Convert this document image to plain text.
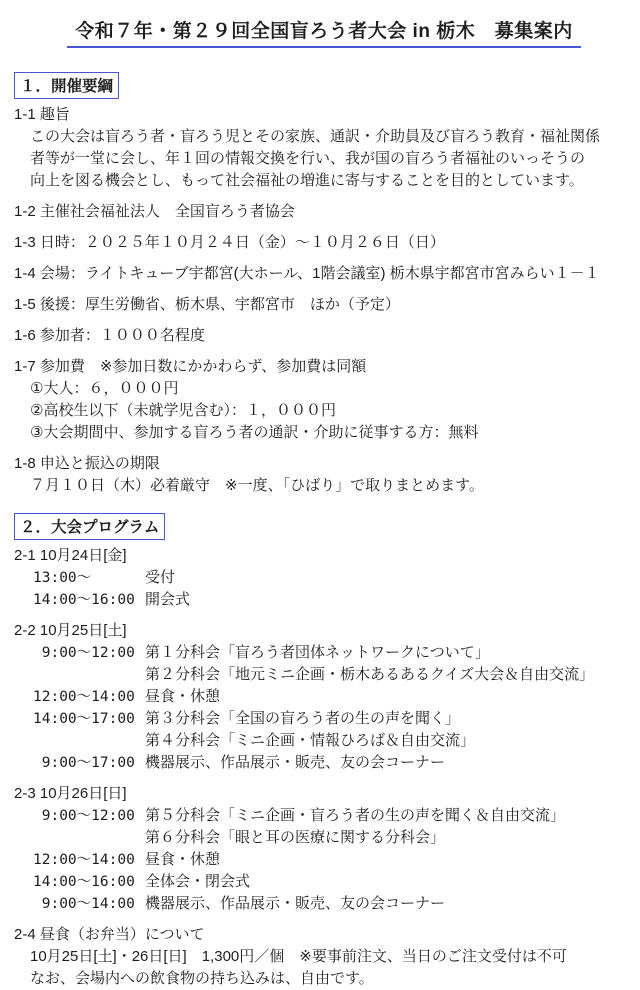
令和７年・第２９回全国盲ろう者大会 in 栃木　募集案内
１．開催要綱
1-1 趣旨
この大会は盲ろう者・盲ろう児とその家族、通訳・介助員及び盲ろう教育・福祉関係
者等が一堂に会し、年１回の情報交換を行い、我が国の盲ろう者福祉のいっそうの
向上を図る機会とし、もって社会福祉の増進に寄与することを目的としています。
1-2 主催社会福祉法人　全国盲ろう者協会
1-3 日時：２０２５年１０月２４日（金）～１０月２６日（日）
1-4 会場：ライトキューブ宇都宮(大ホール、1階会議室) 栃木県宇都宮市宮みらい１－１
1-5 後援：厚生労働省、栃木県、宇都宮市　ほか（予定）
1-6 参加者：１０００名程度
1-7 参加費　※参加日数にかかわらず、参加費は同額
①大人：６，０００円
②高校生以下（未就学児含む）：１，０００円
③大会期間中、参加する盲ろう者の通訳・介助に従事する方：無料
1-8 申込と振込の期限
７月１０日（木）必着厳守　※一度、「ひばり」で取りまとめます。
２．大会プログラム
2-1 10月24日[金]
13:00～	受付
14:00～16:00 開会式
2-2 10月25日[土]
9:00～12:00 第１分科会「盲ろう者団体ネットワークについて」
第２分科会「地元ミニ企画・栃木あるあるクイズ大会＆自由交流」
12:00～14:00 昼食・休憩
14:00～17:00 第３分科会「全国の盲ろう者の生の声を聞く」
第４分科会「ミニ企画・情報ひろば＆自由交流」
9:00～17:00 機器展示、作品展示・販売、友の会コーナー
2-3 10月26日[日]
9:00～12:00 第５分科会「ミニ企画・盲ろう者の生の声を聞く＆自由交流」
第６分科会「眼と耳の医療に関する分科会」
12:00～14:00 昼食・休憩
14:00～16:00 全体会・閉会式
9:00～14:00 機器展示、作品展示・販売、友の会コーナー
2-4 昼食（お弁当）について
10月25日[土]・26日[日]　1,300円／個　※要事前注文、当日のご注文受付は不可
なお、会場内への飲食物の持ち込みは、自由です。
